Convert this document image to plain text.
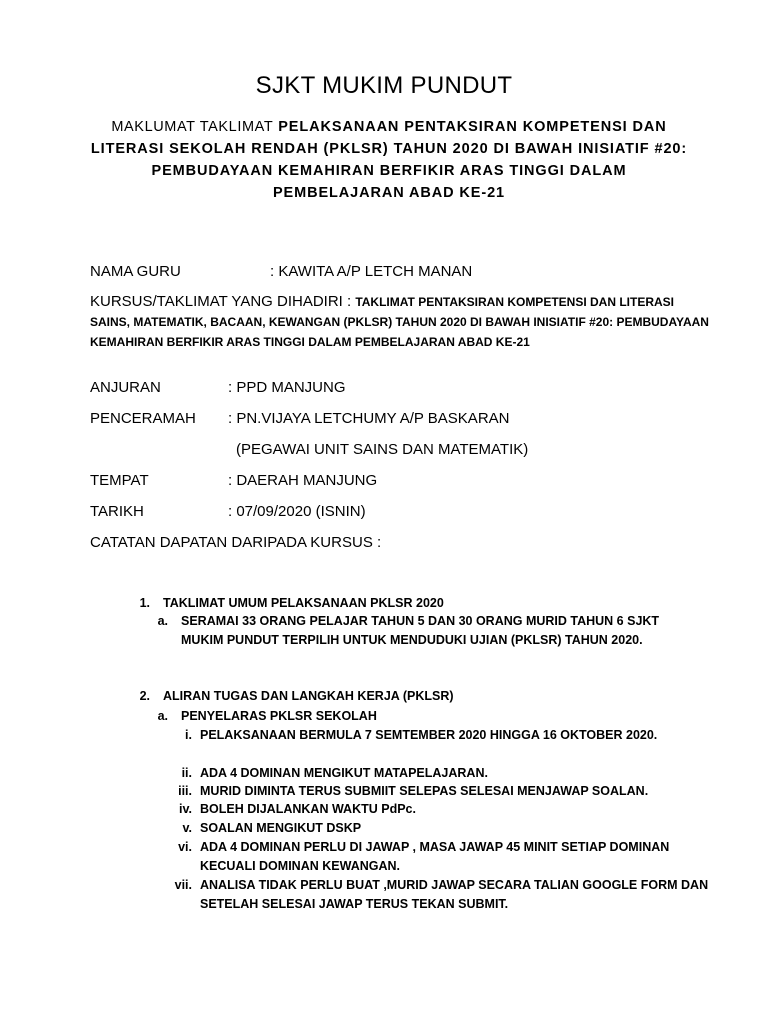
SJKT MUKIM PUNDUT
MAKLUMAT TAKLIMAT PELAKSANAAN PENTAKSIRAN KOMPETENSI DAN LITERASI SEKOLAH RENDAH (PKLSR) TAHUN 2020 DI BAWAH INISIATIF #20: PEMBUDAYAAN KEMAHIRAN BERFIKIR ARAS TINGGI DALAM PEMBELAJARAN ABAD KE-21
NAMA GURU	: KAWITA A/P LETCH MANAN
KURSUS/TAKLIMAT YANG DIHADIRI : TAKLIMAT PENTAKSIRAN KOMPETENSI DAN LITERASI SAINS, MATEMATIK, BACAAN, KEWANGAN (PKLSR) TAHUN 2020 DI BAWAH INISIATIF #20: PEMBUDAYAAN KEMAHIRAN BERFIKIR ARAS TINGGI DALAM PEMBELAJARAN ABAD KE-21
ANJURAN	: PPD MANJUNG
PENCERAMAH : PN.VIJAYA LETCHUMY A/P BASKARAN
(PEGAWAI UNIT SAINS DAN MATEMATIK)
TEMPAT	: DAERAH MANJUNG
TARIKH	: 07/09/2020 (ISNIN)
CATATAN DAPATAN DARIPADA KURSUS :
1. TAKLIMAT UMUM PELAKSANAAN PKLSR 2020
a. SERAMAI 33 ORANG PELAJAR TAHUN 5 DAN 30 ORANG MURID TAHUN 6 SJKT MUKIM PUNDUT TERPILIH UNTUK MENDUDUKI UJIAN (PKLSR) TAHUN 2020.
2. ALIRAN TUGAS DAN LANGKAH KERJA (PKLSR)
a. PENYELARAS PKLSR SEKOLAH
i. PELAKSANAAN BERMULA 7 SEMTEMBER 2020 HINGGA 16 OKTOBER 2020.
ii. ADA 4 DOMINAN MENGIKUT MATAPELAJARAN.
iii. MURID DIMINTA TERUS SUBMIIT SELEPAS SELESAI MENJAWAP SOALAN.
iv. BOLEH DIJALANKAN WAKTU PdPc.
v. SOALAN MENGIKUT DSKP
vi. ADA 4 DOMINAN PERLU DI JAWAP , MASA JAWAP 45 MINIT SETIAP DOMINAN KECUALI DOMINAN KEWANGAN.
vii. ANALISA TIDAK PERLU BUAT ,MURID JAWAP SECARA TALIAN GOOGLE FORM DAN SETELAH SELESAI JAWAP TERUS TEKAN SUBMIT.
